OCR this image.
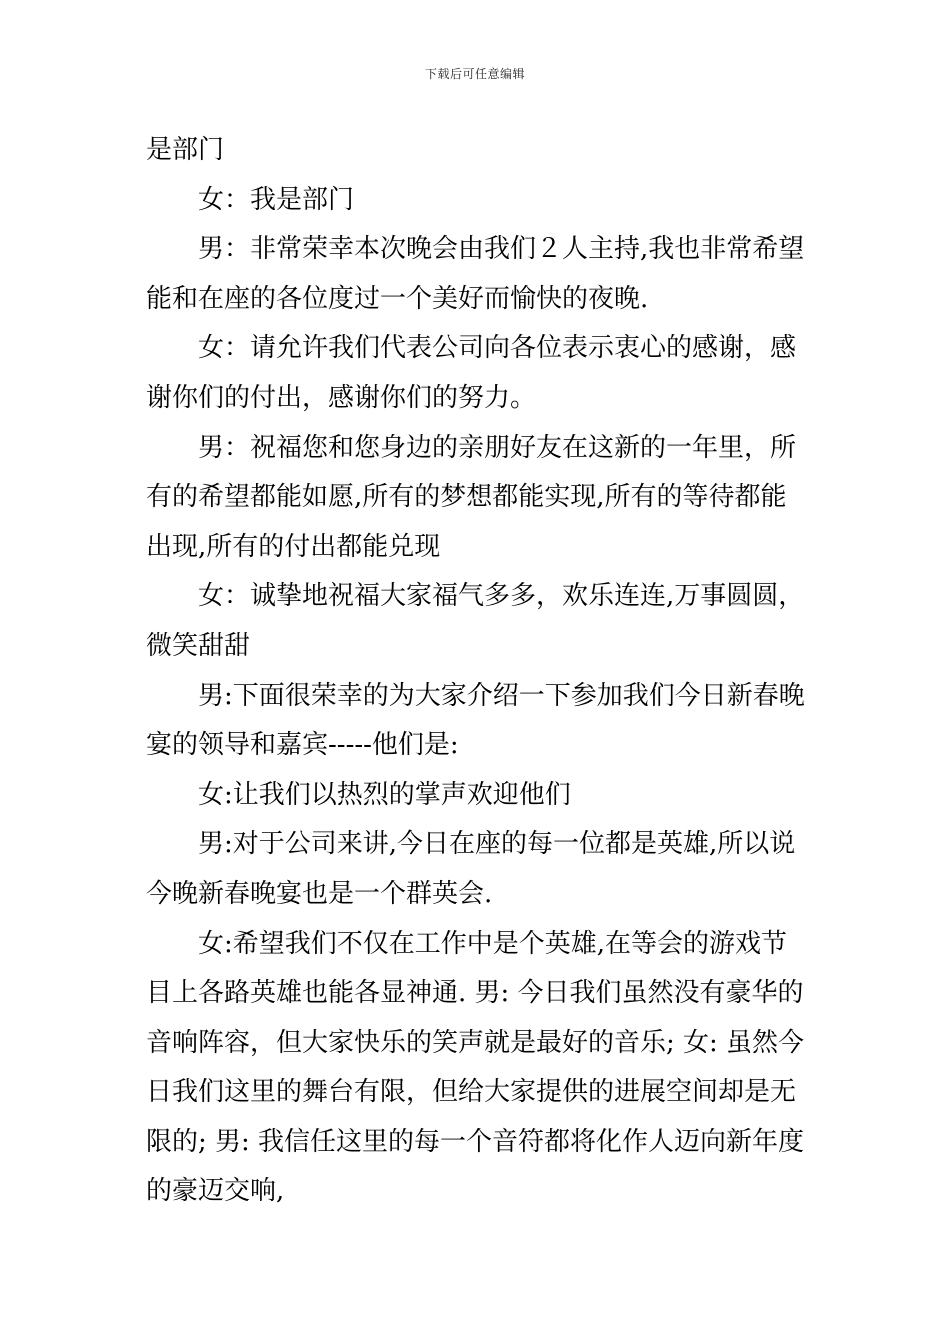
下载后可任意编辑

是部门

女：我是部门

男：非常荣幸本次晚会由我们２人主持,我也非常希望能和在座的各位度过一个美好而愉快的夜晚.

女：请允许我们代表公司向各位表示衷心的感谢，感谢你们的付出，感谢你们的努力。

男：祝福您和您身边的亲朋好友在这新的一年里，所有的希望都能如愿,所有的梦想都能实现,所有的等待都能出现,所有的付出都能兑现

女：诚挚地祝福大家福气多多，欢乐连连,万事圆圆，微笑甜甜

男:下面很荣幸的为大家介绍一下参加我们今日新春晚宴的领导和嘉宾-----他们是:

女:让我们以热烈的掌声欢迎他们

男:对于公司来讲,今日在座的每一位都是英雄,所以说今晚新春晚宴也是一个群英会.

女:希望我们不仅在工作中是个英雄,在等会的游戏节目上各路英雄也能各显神通. 男: 今日我们虽然没有豪华的音响阵容，但大家快乐的笑声就是最好的音乐; 女: 虽然今日我们这里的舞台有限，但给大家提供的进展空间却是无限的; 男: 我信任这里的每一个音符都将化作人迈向新年度的豪迈交响,
